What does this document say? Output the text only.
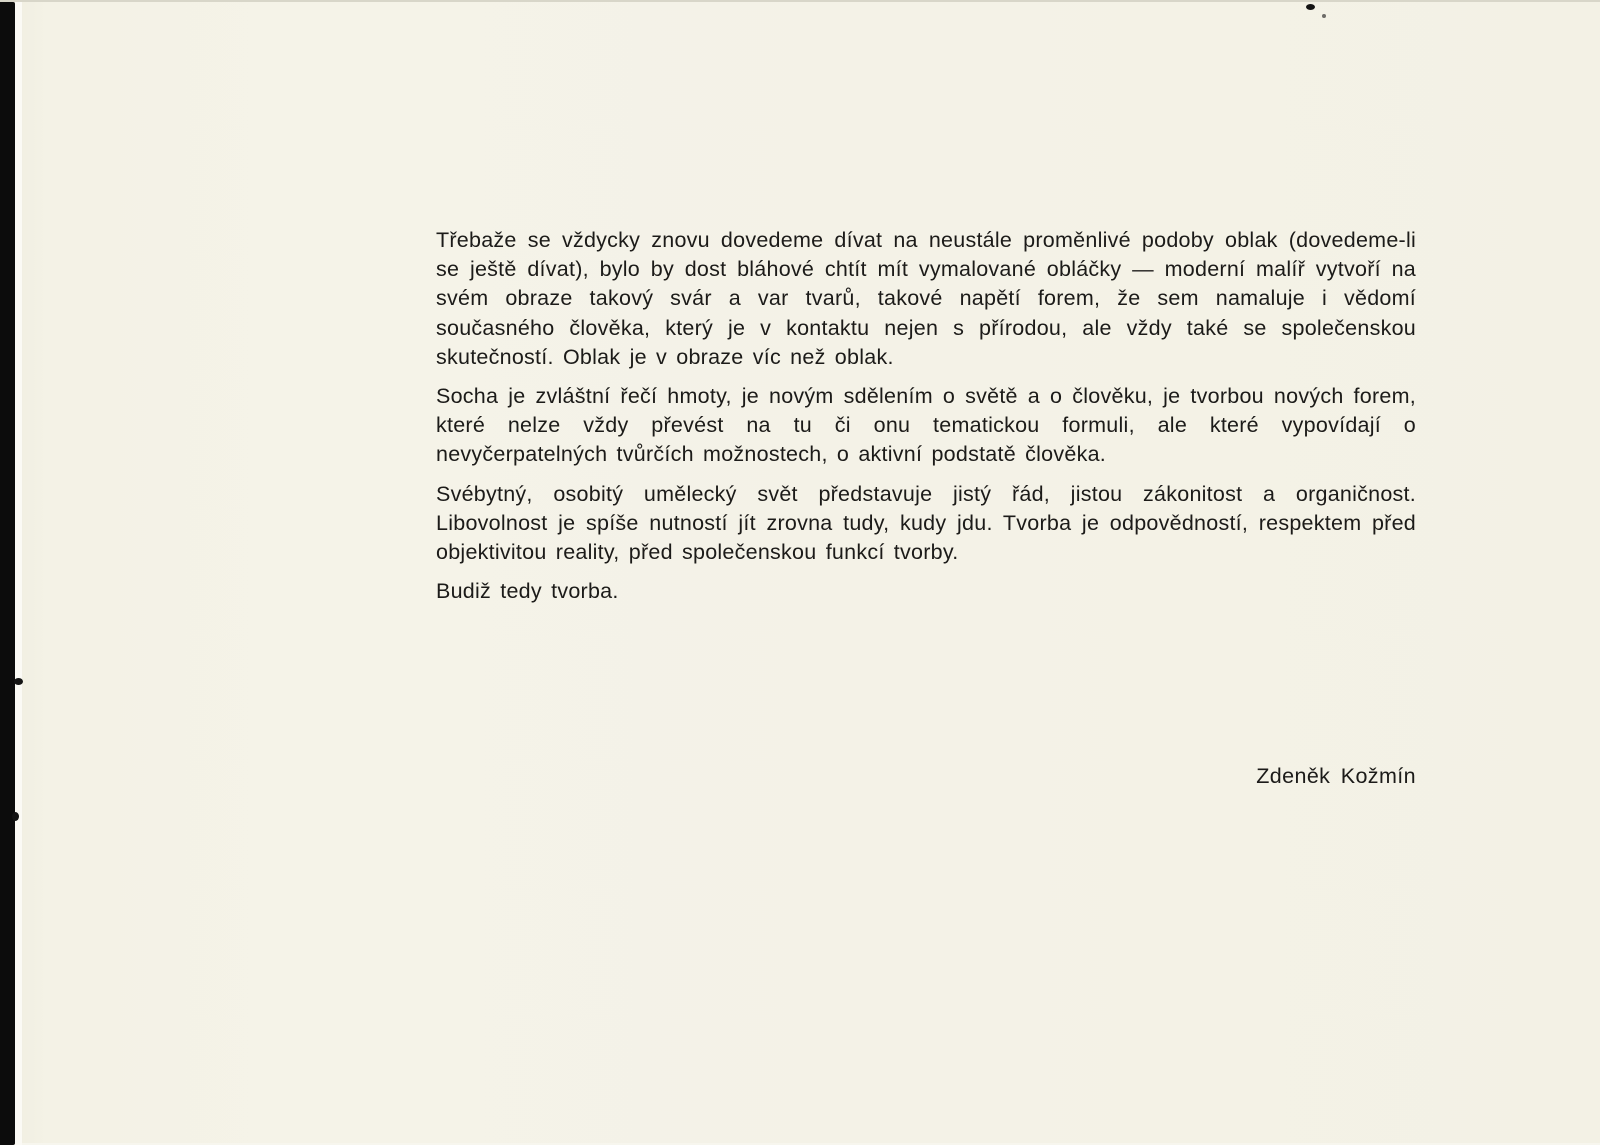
Třebaže se vždycky znovu dovedeme dívat na neustále proměnlivé podoby oblak (dovedeme-li se ještě dívat), bylo by dost bláhové chtít mít vymalované obláčky — moderní malíř vytvoří na svém obraze takový svár a var tvarů, takové napětí forem, že sem namaluje i vědomí současného člověka, který je v kontaktu nejen s přírodou, ale vždy také se společenskou skutečností. Oblak je v obraze víc než oblak.

Socha je zvláštní řečí hmoty, je novým sdělením o světě a o člověku, je tvorbou nových forem, které nelze vždy převést na tu či onu tematickou formuli, ale které vypovídají o nevyčerpatelných tvůrčích možnostech, o aktivní podstatě člověka.

Svébytný, osobitý umělecký svět představuje jistý řád, jistou zákonitost a organičnost. Libovolnost je spíše nutností jít zrovna tudy, kudy jdu. Tvorba je odpovědností, respektem před objektivitou reality, před společenskou funkcí tvorby.

Budiž tedy tvorba.

Zdeněk Kožmín
